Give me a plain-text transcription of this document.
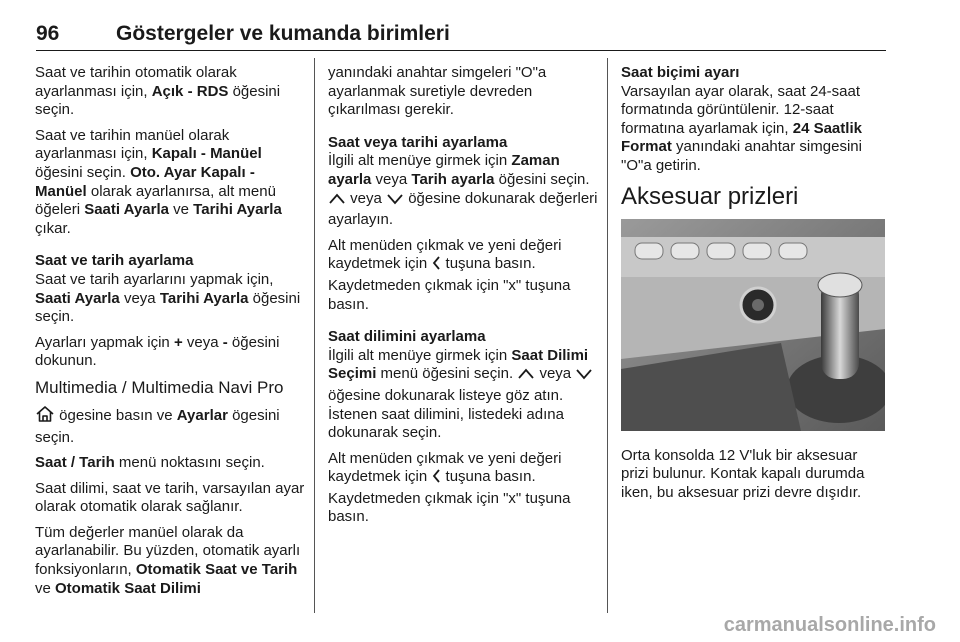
96	Göstergeler ve kumanda birimleri

Saat ve tarihin otomatik olarak ayarlanması için, Açık - RDS öğesini seçin.

Saat ve tarihin manüel olarak ayarlanması için, Kapalı - Manüel öğesini seçin. Oto. Ayar Kapalı - Manüel olarak ayarlanırsa, alt menü öğeleri Saati Ayarla ve Tarihi Ayarla çıkar.

Saat ve tarih ayarlama

Saat ve tarih ayarlarını yapmak için, Saati Ayarla veya Tarihi Ayarla öğesini seçin.

Ayarları yapmak için + veya - öğesini dokunun.

Multimedia / Multimedia Navi Pro

ögesine basın ve Ayarlar ögesini seçin.

Saat / Tarih menü noktasını seçin.

Saat dilimi, saat ve tarih, varsayılan ayar olarak otomatik olarak sağlanır.

Tüm değerler manüel olarak da ayarlanabilir. Bu yüzden, otomatik ayarlı fonksiyonların, Otomatik Saat ve Tarih ve Otomatik Saat Dilimi

yanındaki anahtar simgeleri "O"a ayarlanmak suretiyle devreden çıkarılması gerekir.

Saat veya tarihi ayarlama

İlgili alt menüye girmek için Zaman ayarla veya Tarih ayarla öğesini seçin.  veya  öğesine dokunarak değerleri ayarlayın.

Alt menüden çıkmak ve yeni değeri kaydetmek için  tuşuna basın. Kaydetmeden çıkmak için "x" tuşuna basın.

Saat dilimini ayarlama

İlgili alt menüye girmek için Saat Dilimi Seçimi menü öğesini seçin.  veya  öğesine dokunarak listeye göz atın. İstenen saat dilimini, listedeki adına dokunarak seçin.

Alt menüden çıkmak ve yeni değeri kaydetmek için  tuşuna basın. Kaydetmeden çıkmak için "x" tuşuna basın.

Saat biçimi ayarı

Varsayılan ayar olarak, saat 24-saat formatında görüntülenir. 12-saat formatına ayarlamak için, 24 Saatlik Format yanındaki anahtar simgesini "O"a getirin.

Aksesuar prizleri

Orta konsolda 12 V'luk bir aksesuar prizi bulunur. Kontak kapalı durumda iken, bu aksesuar prizi devre dışıdır.

carmanualsonline.info
